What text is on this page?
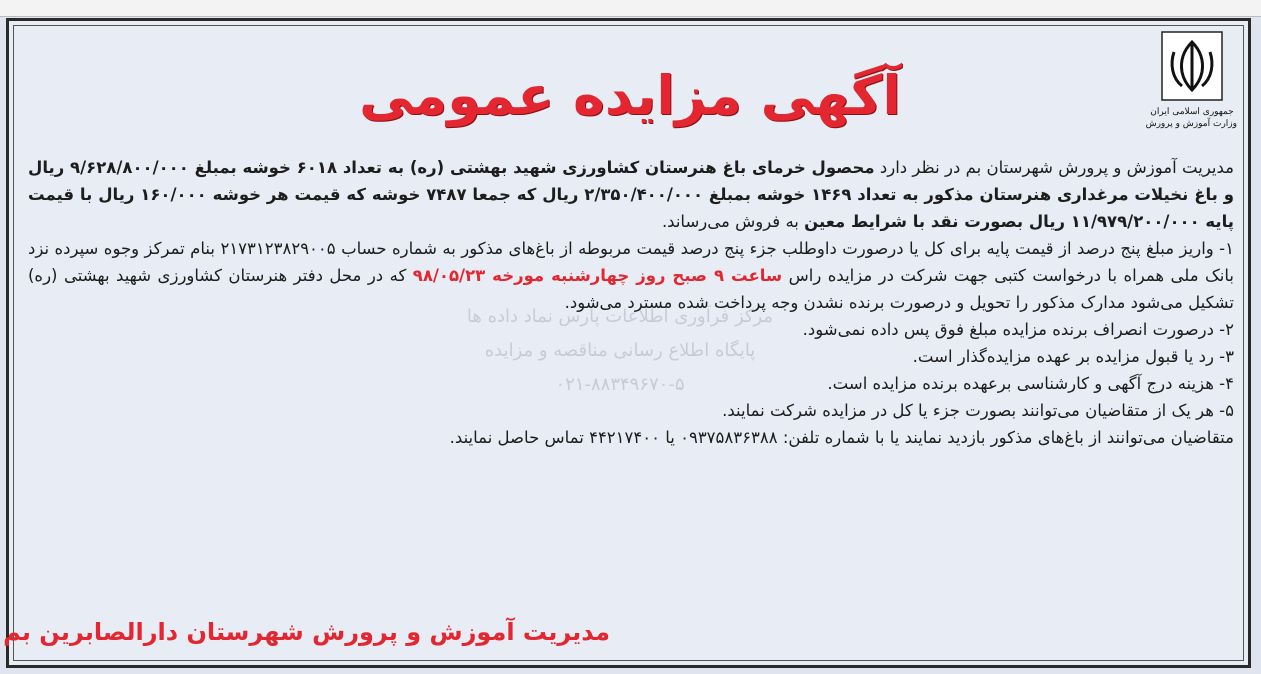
جمهوری اسلامی ایران
وزارت آموزش و پرورش
آگهی مزایده عمومی
مرکز فرآوری اطلاعات پارس نماد داده ها
پایگاه اطلاع رسانی مناقصه و مزایده
۰۲۱-۸۸۳۴۹۶۷۰-۵

مدیریت آموزش و پرورش شهرستان بم در نظر دارد محصول خرمای باغ هنرستان کشاورزی شهید بهشتی (ره) به تعداد ۶۰۱۸ خوشه بمبلغ ۹/۶۲۸/۸۰۰/۰۰۰ ریال و باغ نخیلات مرغداری هنرستان مذکور به تعداد ۱۴۶۹ خوشه بمبلغ ۲/۳۵۰/۴۰۰/۰۰۰ ریال که جمعا ۷۴۸۷ خوشه که قیمت هر خوشه ۱۶۰/۰۰۰ ریال با قیمت پایه ۱۱/۹۷۹/۲۰۰/۰۰۰ ریال بصورت نقد با شرایط معین به فروش می‌رساند.

۱- واریز مبلغ پنج درصد از قیمت پایه برای کل یا درصورت داوطلب جزء پنج درصد قیمت مربوطه از باغ‌های مذکور به شماره حساب ۲۱۷۳۱۲۳۸۲۹۰۰۵ بنام تمرکز وجوه سپرده نزد بانک ملی همراه با درخواست کتبی جهت شرکت در مزایده راس ساعت ۹ صبح روز چهارشنبه مورخه ۹۸/۰۵/۲۳ که در محل دفتر هنرستان کشاورزی شهید بهشتی (ره) تشکیل می‌شود مدارک مذکور را تحویل و درصورت برنده نشدن وجه پرداخت شده مسترد می‌شود.

۲- درصورت انصراف برنده مزایده مبلغ فوق پس داده نمی‌شود.

۳- رد یا قبول مزایده بر عهده مزایده‌گذار است.

۴- هزینه درج آگهی و کارشناسی برعهده برنده مزایده است.

۵- هر یک از متقاضیان می‌توانند بصورت جزء یا کل در مزایده شرکت نمایند.

متقاضیان می‌توانند از باغ‌های مذکور بازدید نمایند یا با شماره تلفن: ۰۹۳۷۵۸۳۶۳۸۸ یا ۴۴۲۱۷۴۰۰ تماس حاصل نمایند.

مدیریت آموزش و پرورش شهرستان دارالصابرین بم
